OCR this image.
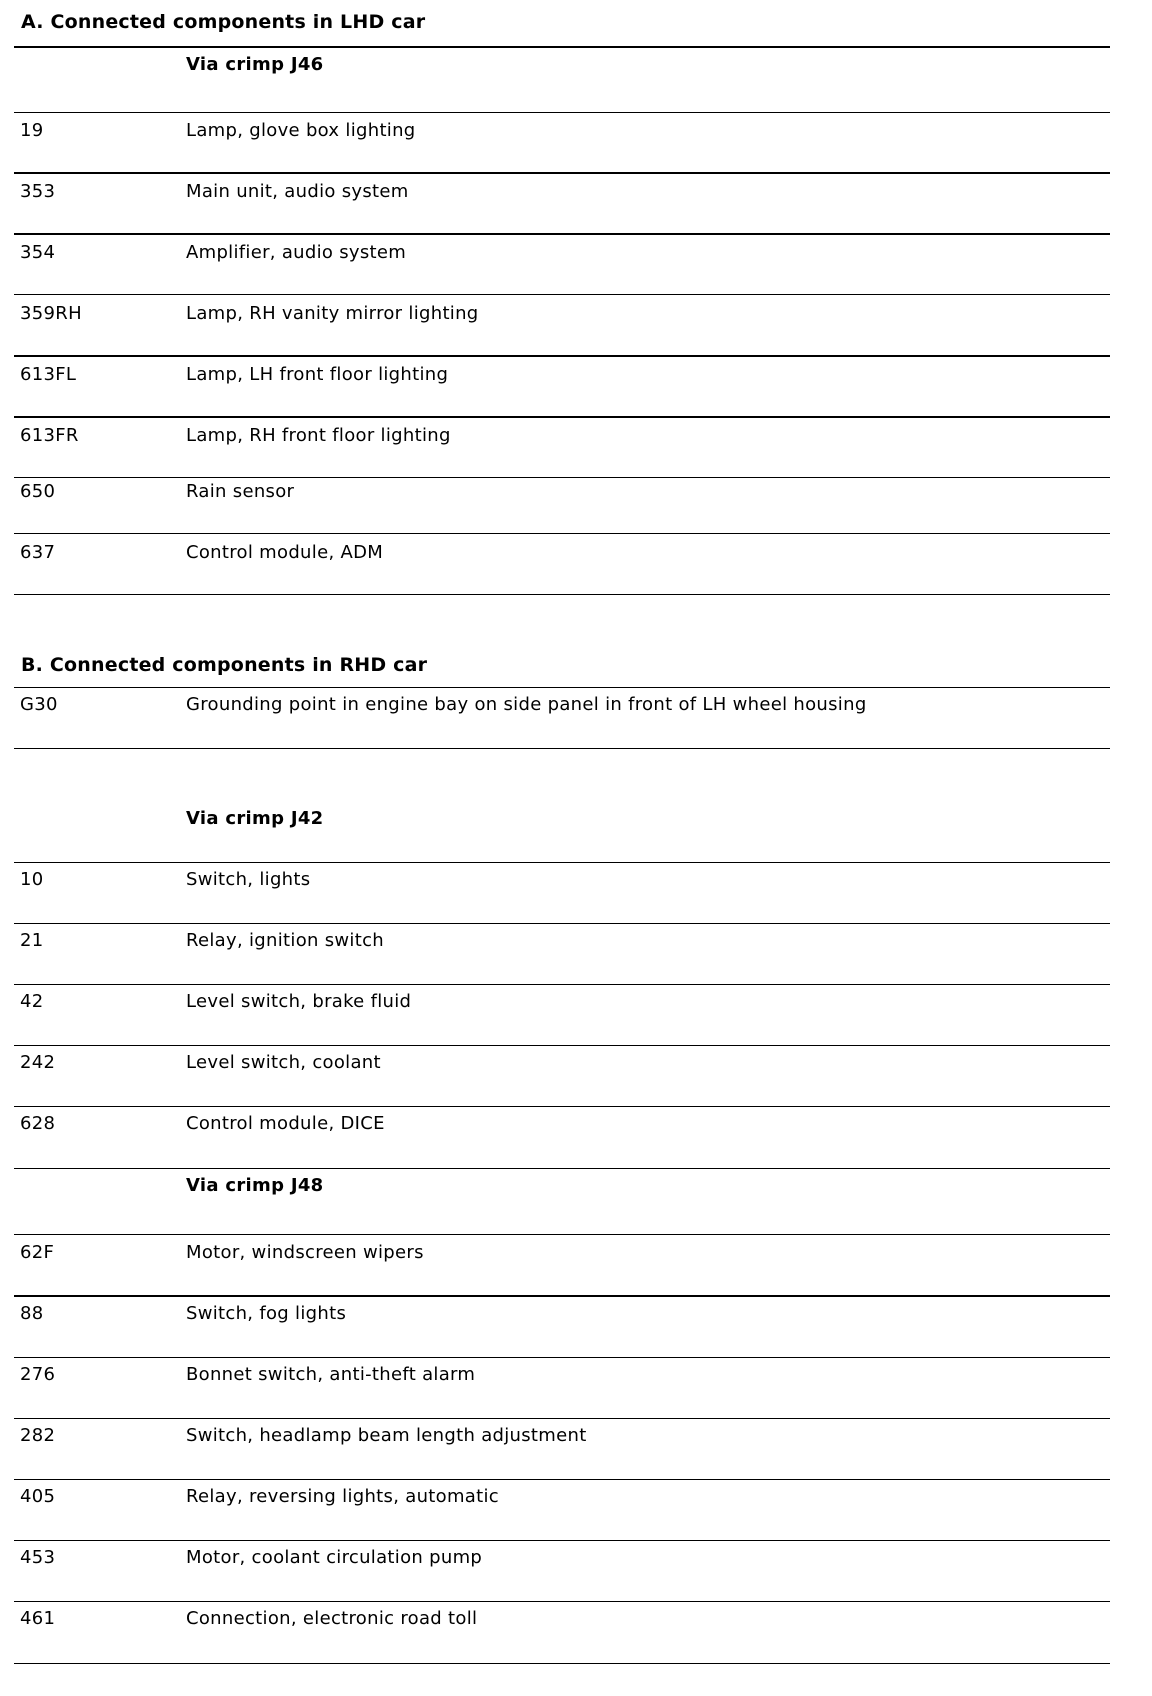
A. Connected components in LHD car
Via crimp J46
19	Lamp, glove box lighting
353	Main unit, audio system
354	Amplifier, audio system
359RH	Lamp, RH vanity mirror lighting
613FL	Lamp, LH front floor lighting
613FR	Lamp, RH front floor lighting
650	Rain sensor
637	Control module, ADM
B. Connected components in RHD car
G30	Grounding point in engine bay on side panel in front of LH wheel housing
Via crimp J42
10	Switch, lights
21	Relay, ignition switch
42	Level switch, brake fluid
242	Level switch, coolant
628	Control module, DICE
Via crimp J48
62F	Motor, windscreen wipers
88	Switch, fog lights
276	Bonnet switch, anti-theft alarm
282	Switch, headlamp beam length adjustment
405	Relay, reversing lights, automatic
453	Motor, coolant circulation pump
461	Connection, electronic road toll
